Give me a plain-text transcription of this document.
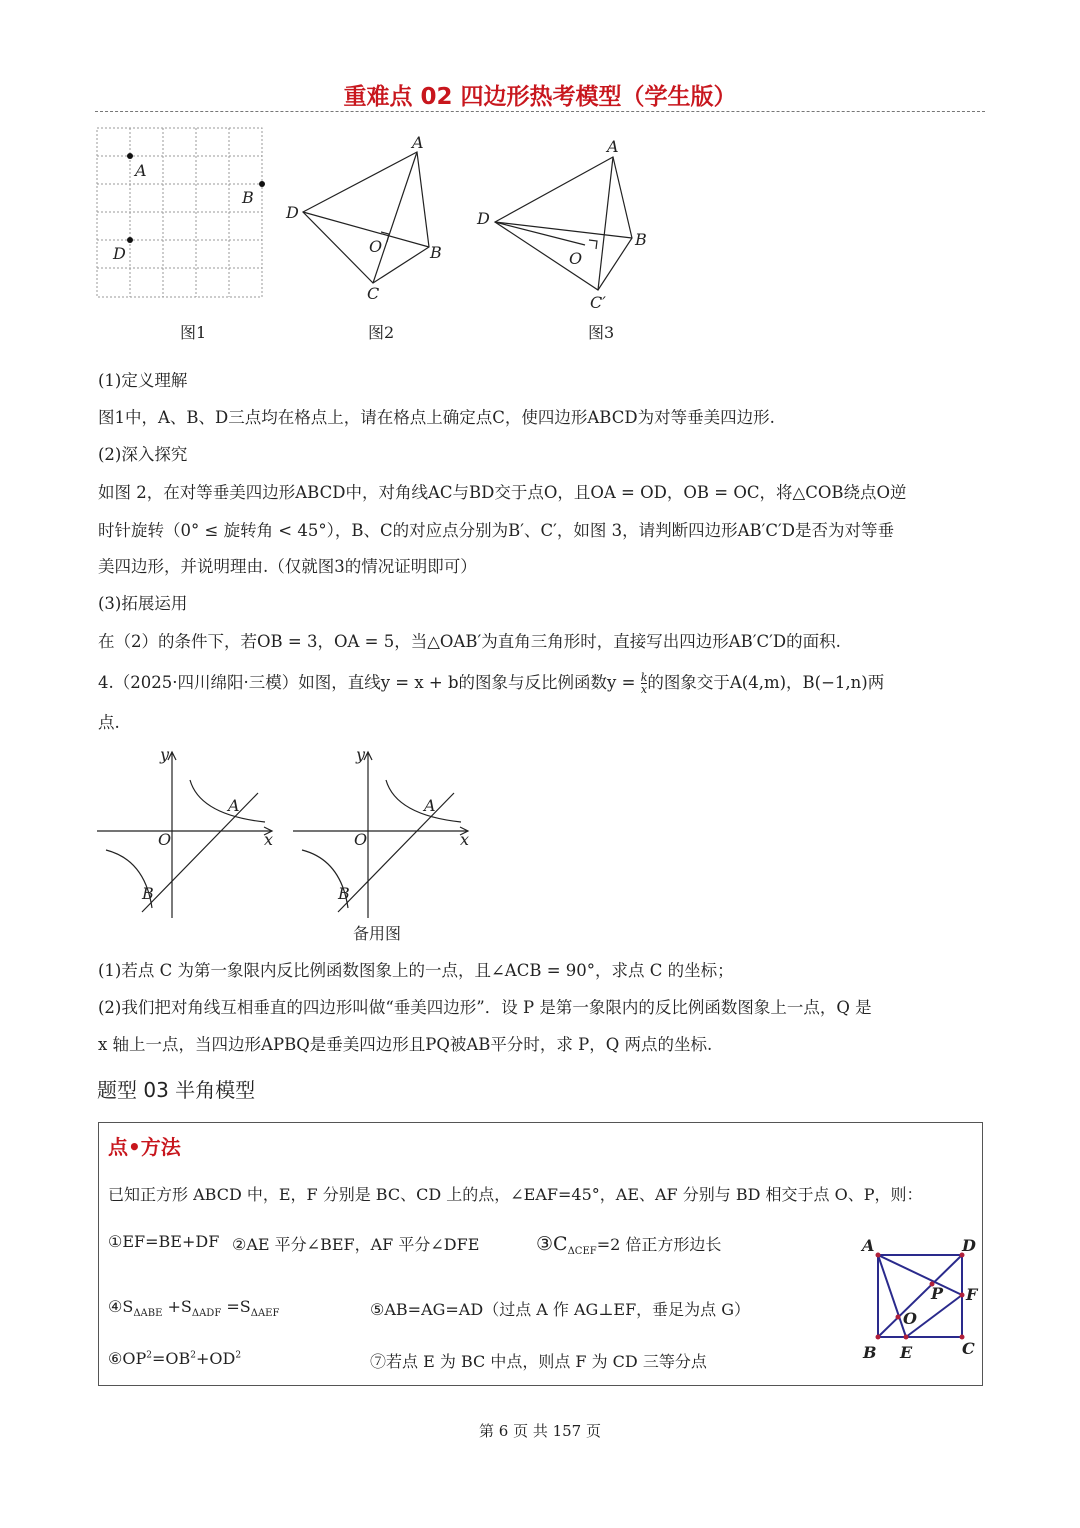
重难点 02 四边形热考模型（学生版）
A
B
D
图1
A
D
B
C
O
图2
A
D
B
C′
O
图3
y
x
O
A
B
y
x
O
A
B
备用图
A	D
B E	C
F
P
O
(1)定义理解
图1中，A、B、D三点均在格点上，请在格点上确定点C，使四边形ABCD为对等垂美四边形.
(2)深入探究
如图 2，在对等垂美四边形ABCD中，对角线AC与BD交于点O，且OA = OD，OB = OC，将△COB绕点O逆
时针旋转（0° ≤ 旋转角 < 45°），B、C的对应点分别为B′、C′，如图 3，请判断四边形AB′C′D是否为对等垂
美四边形，并说明理由.（仅就图3的情况证明即可）
(3)拓展运用
在（2）的条件下，若OB = 3，OA = 5，当△OAB′为直角三角形时，直接写出四边形AB′C′D的面积.
4.（2025·四川绵阳·三模）如图，直线y = x + b的图象与反比例函数$y = \frac{k}{x}$ 的图象交于A(4,m)，B(−1,n)两
点.
(1)若点 C 为第一象限内反比例函数图象上的一点，且∠ACB = 90°，求点 C 的坐标；
(2)我们把对角线互相垂直的四边形叫做“垂美四边形”．设 P 是第一象限内的反比例函数图象上一点，Q 是
x 轴上一点，当四边形APBQ是垂美四边形且PQ被AB平分时，求 P，Q 两点的坐标.
题型 03 半角模型
点•方法
已知正方形 ABCD 中，E，F 分别是 BC、CD 上的点，∠EAF=45°，AE、AF 分别与 BD 相交于点 O、P，则：
①EF=BE+DF ②AE 平分∠BEF，AF 平分∠DFE	$③C_{\Delta CEF}=2$ 倍正方形边长
$④S_{\Delta ABE} +S_{\Delta ADF} =S_{\Delta AEF}$	⑤AB=AG=AD（过点 A 作 AG⊥EF，垂足为点 G）
$⑥OP^2=OB^2+OD^2$	⑦若点 E 为 BC 中点，则点 F 为 CD 三等分点
第 6 页 共 157 页
